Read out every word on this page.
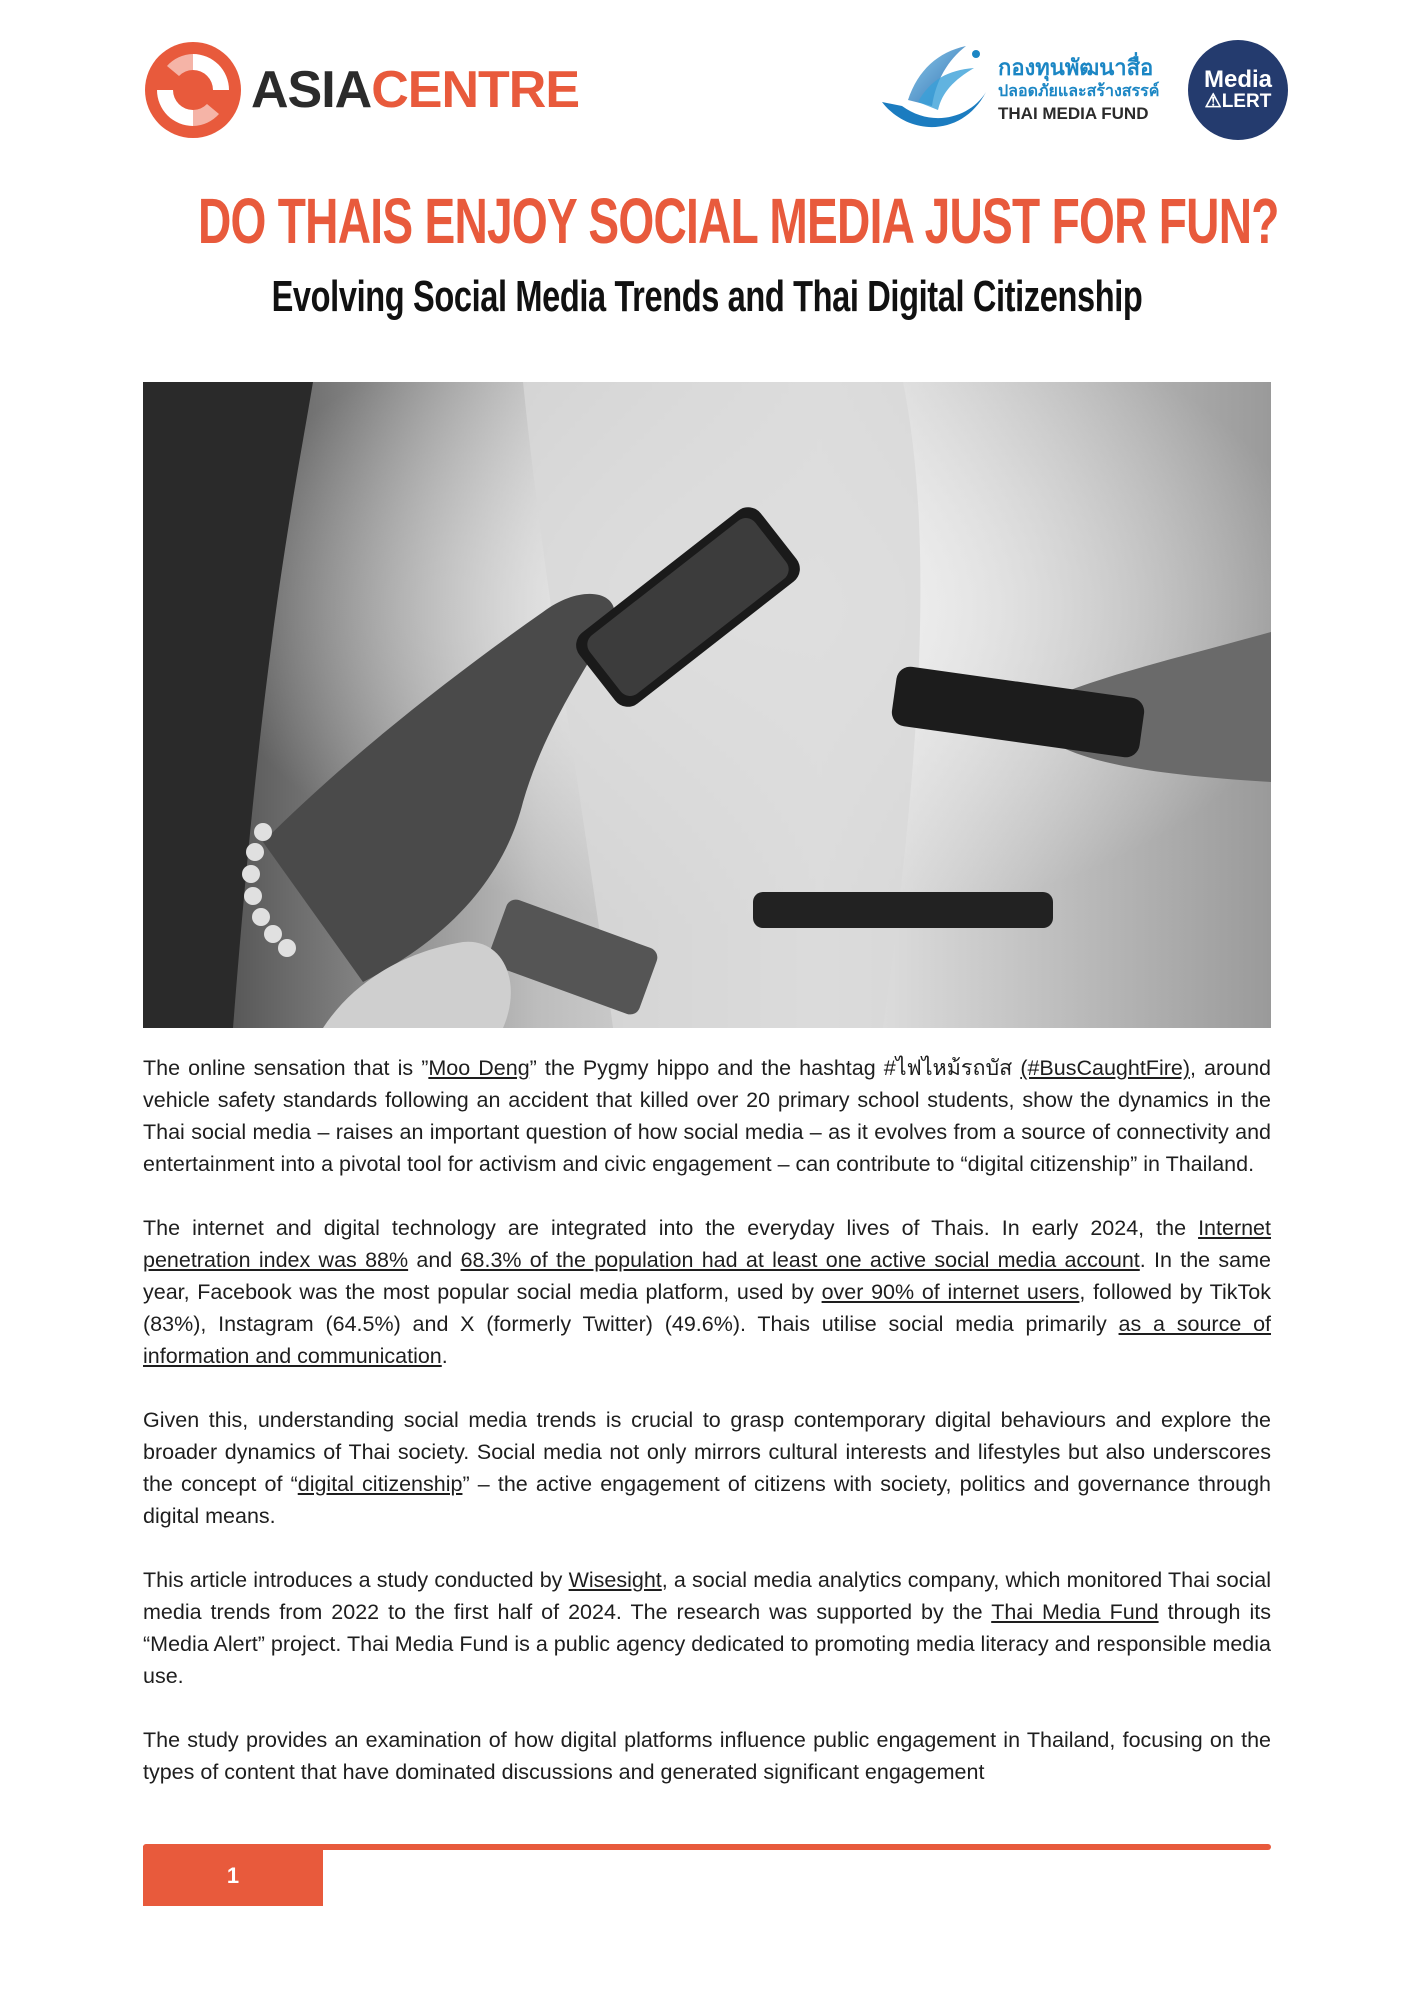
ASIACENTRE	กองทุนพัฒนาสื่อ
ปลอดภัยและสร้างสรรค์
THAI MEDIA FUND
Media
⚠LERT
DO THAIS ENJOY SOCIAL MEDIA JUST FOR FUN?
Evolving Social Media Trends and Thai Digital Citizenship

The online sensation that is ”Moo Deng” the Pygmy hippo and the hashtag #ไฟไหม้รถบัส (#BusCaughtFire), around vehicle safety standards following an accident that killed over 20 primary school students, show the dynamics in the Thai social media – raises an important question of how social media – as it evolves from a source of connectivity and entertainment into a pivotal tool for activism and civic engagement – can contribute to “digital citizenship” in Thailand.

The internet and digital technology are integrated into the everyday lives of Thais. In early 2024, the Internet penetration index was 88% and 68.3% of the population had at least one active social media account. In the same year, Facebook was the most popular social media platform, used by over 90% of internet users, followed by TikTok (83%), Instagram (64.5%) and X (formerly Twitter) (49.6%). Thais utilise social media primarily as a source of information and communication.

Given this, understanding social media trends is crucial to grasp contemporary digital behaviours and explore the broader dynamics of Thai society. Social media not only mirrors cultural interests and lifestyles but also underscores the concept of “digital citizenship” – the active engagement of citizens with society, politics and governance through digital means.

This article introduces a study conducted by Wisesight, a social media analytics company, which monitored Thai social media trends from 2022 to the first half of 2024. The research was supported by the Thai Media Fund through its “Media Alert” project. Thai Media Fund is a public agency dedicated to promoting media literacy and responsible media use.

The study provides an examination of how digital platforms influence public engagement in Thailand, focusing on the types of content that have dominated discussions and generated significant engagement

1
